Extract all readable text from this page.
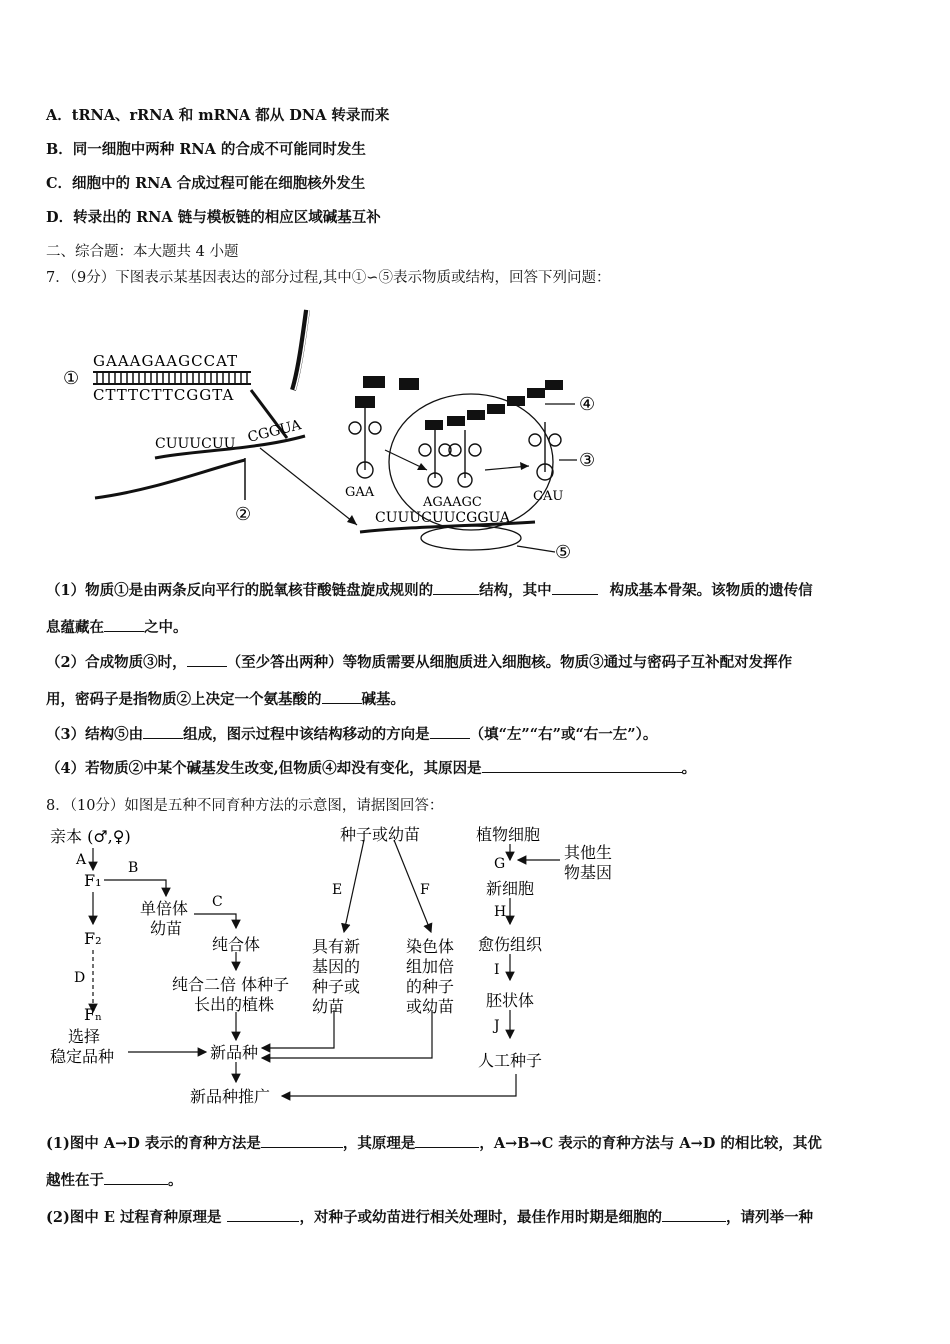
A．tRNA、rRNA 和 mRNA 都从 DNA 转录而来
B．同一细胞中两种 RNA 的合成不可能同时发生
C．细胞中的 RNA 合成过程可能在细胞核外发生
D．转录出的 RNA 链与模板链的相应区域碱基互补
二、综合题：本大题共 4 小题
7．（9分）下图表示某基因表达的部分过程,其中①∽⑤表示物质或结构，回答下列问题：
①
GAAAGAAGCCAT
CTTTCTTCGGTA
CUUUCUU CGGUA
②	CUUUCUUCGGUA
⑤
GAA
AGAAGC
④
CAU
③
（1）物质①是由两条反向平行的脱氧核苷酸链盘旋成规则的	结构，其中	构成基本骨架。该物质的遗传信
息蕴藏在	之中。
（2）合成物质③时，	（至少答出两种）等物质需要从细胞质进入细胞核。物质③通过与密码子互补配对发挥作
用，密码子是指物质②上决定一个氨基酸的	碱基。
（3）结构⑤由	组成，图示过程中该结构移动的方向是	（填“左”“右”或“右一左”）。
（4）若物质②中某个碱基发生改变,但物质④却没有变化，其原因是	。
8．（10分）如图是五种不同育种方法的示意图，请据图回答：
亲本 (♂,♀)
A
F₁
B
F₂
D
Fₙ
选择
稳定品种
单倍体
幼苗
C
纯合体
纯合二倍 体种子
长出的植株
新品种
新品种推广
种子或幼苗
E	F
具有新
基因的
种子或
幼苗
染色体
组加倍
的种子
或幼苗
植物细胞
G
其他生
物基因
新细胞
H
愈伤组织
I
胚状体
J
人工种子
(1)图中 A→D 表示的育种方法是	，其原理是	，A→B→C 表示的育种方法与 A→D 的相比较，其优
越性在于	。
(2)图中 E 过程育种原理是	，对种子或幼苗进行相关处理时，最佳作用时期是细胞的	，请列举一种
